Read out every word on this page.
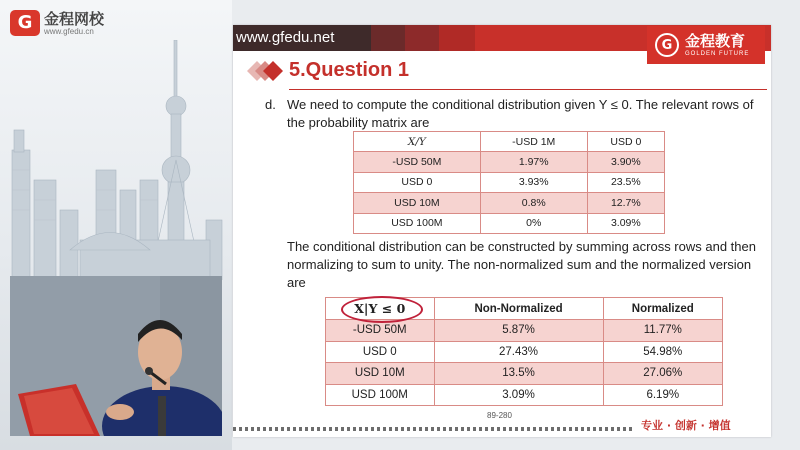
G 金程网校
www.gfedu.cn	www.gfedu.net	G 金程教育
GOLDEN FUTURE
5.Question 1
d. We need to compute the conditional distribution given Y ≤ 0. The relevant rows of the probability matrix are
X/Y	-USD 1M	USD 0
-USD 50M	1.97%	3.90%
USD 0	3.93%	23.5%
USD 10M	0.8%	12.7%
USD 100M	0%	3.09%
The conditional distribution can be constructed by summing across rows and then normalizing to sum to unity. The non-normalized sum and the normalized version are
X|Y ≤ 0	Non-Normalized	Normalized
-USD 50M	5.87%	11.77%
USD 0	27.43%	54.98%
USD 10M	13.5%	27.06%
USD 100M	3.09%	6.19%
89-280
专业 · 创新 · 增值
